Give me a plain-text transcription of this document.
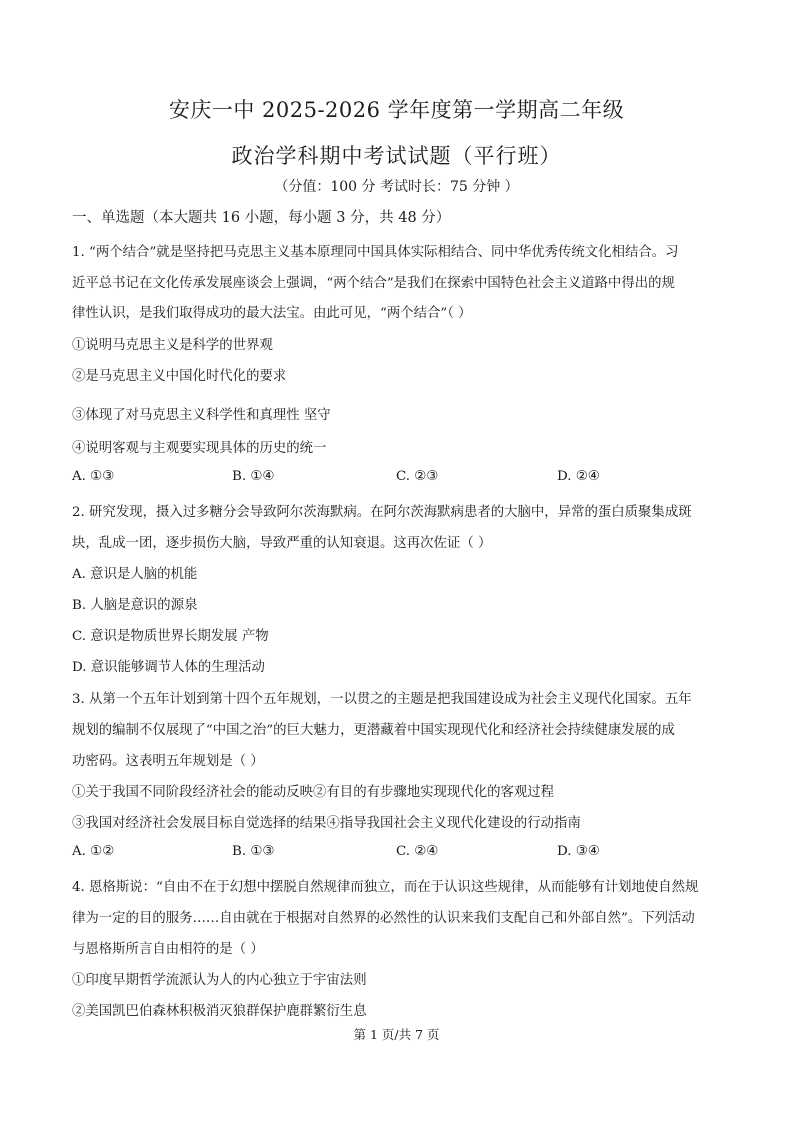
安庆一中 2025-2026 学年度第一学期高二年级
政治学科期中考试试题（平行班）
（分值：100 分 考试时长：75 分钟 ）
一、单选题（本大题共 16 小题，每小题 3 分，共 48 分）
1. “两个结合”就是坚持把马克思主义基本原理同中国具体实际相结合、同中华优秀传统文化相结合。习
近平总书记在文化传承发展座谈会上强调，“两个结合”是我们在探索中国特色社会主义道路中得出的规
律性认识，是我们取得成功的最大法宝。由此可见，“两个结合”（ ）
①说明马克思主义是科学的世界观
②是马克思主义中国化时代化的要求
③体现了对马克思主义科学性和真理性 坚守
④说明客观与主观要实现具体的历史的统一
A. ①③	B. ①④	C. ②③	D. ②④
2. 研究发现，摄入过多糖分会导致阿尔茨海默病。在阿尔茨海默病患者的大脑中，异常的蛋白质聚集成斑
块，乱成一团，逐步损伤大脑，导致严重的认知衰退。这再次佐证（ ）
A. 意识是人脑的机能
B. 人脑是意识的源泉
C. 意识是物质世界长期发展 产物
D. 意识能够调节人体的生理活动
3. 从第一个五年计划到第十四个五年规划，一以贯之的主题是把我国建设成为社会主义现代化国家。五年
规划的编制不仅展现了“中国之治”的巨大魅力，更潜藏着中国实现现代化和经济社会持续健康发展的成
功密码。这表明五年规划是（ ）
①关于我国不同阶段经济社会的能动反映②有目的有步骤地实现现代化的客观过程
③我国对经济社会发展目标自觉选择的结果④指导我国社会主义现代化建设的行动指南
A. ①②	B. ①③	C. ②④	D. ③④
4. 恩格斯说：“自由不在于幻想中摆脱自然规律而独立，而在于认识这些规律，从而能够有计划地使自然规
律为一定的目的服务……自由就在于根据对自然界的必然性的认识来我们支配自己和外部自然”。下列活动
与恩格斯所言自由相符的是（ ）
①印度早期哲学流派认为人的内心独立于宇宙法则
②美国凯巴伯森林积极消灭狼群保护鹿群繁衍生息
第 1 页/共 7 页
